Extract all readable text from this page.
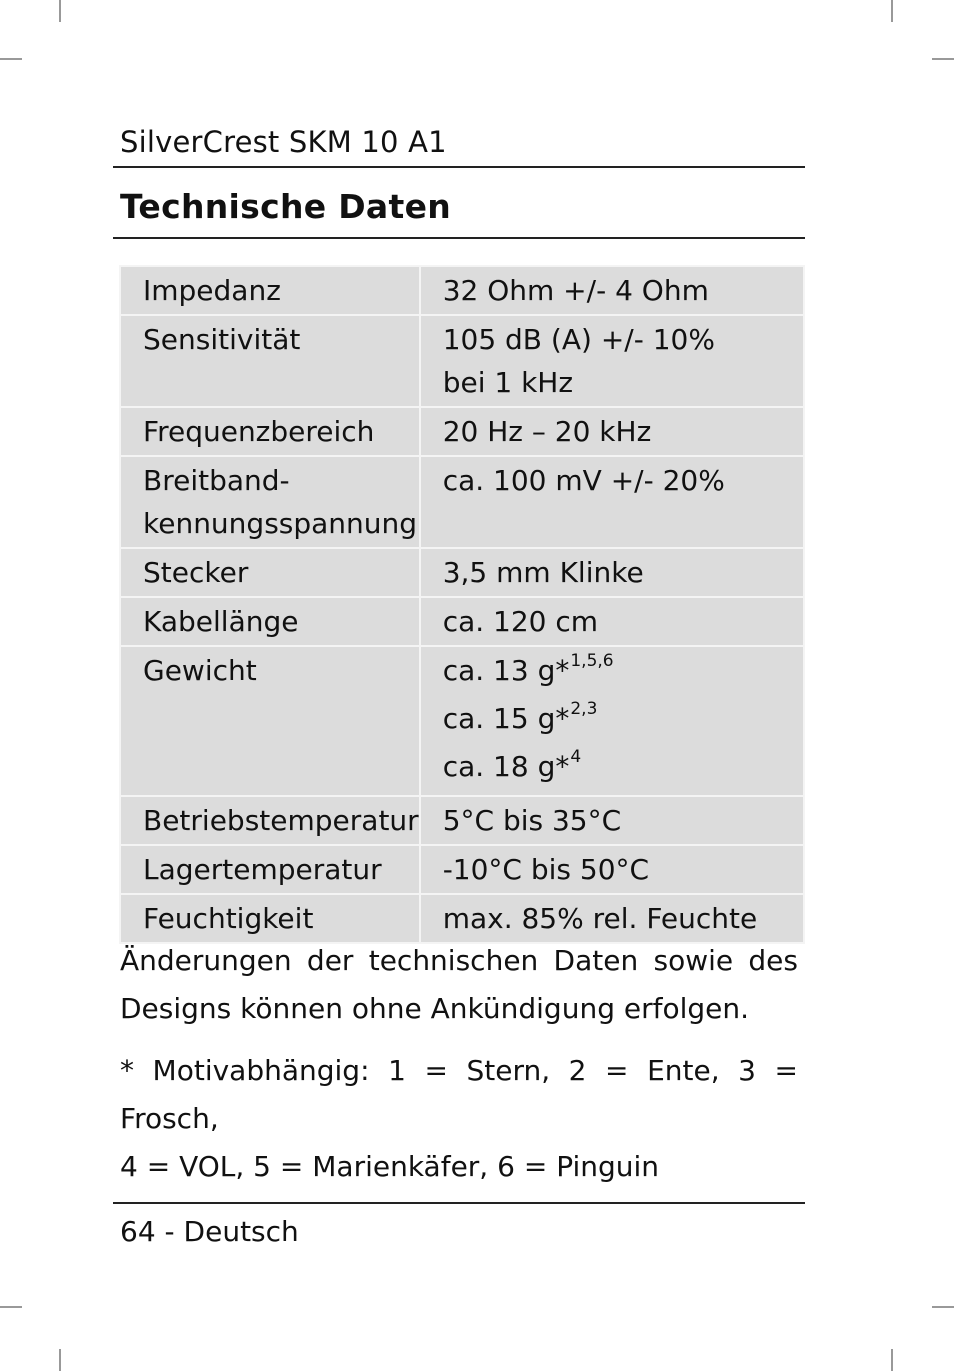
SilverCrest SKM 10 A1
Technische Daten
Impedanz	32 Ohm +/- 4 Ohm

Sensitivität	105 dB (A) +/- 10%
bei 1 kHz

Frequenzbereich	20 Hz – 20 kHz

Breitband-
kennungsspannung	ca. 100 mV +/- 20%

Stecker	3,5 mm Klinke

Kabellänge	ca. 120 cm

Gewicht	ca. 13 g*$^{1,5,6}$
ca. 15 g*$^{2,3}$
ca. 18 g*$^4$

Betriebstemperatur	5°C bis 35°C

Lagertemperatur	-10°C bis 50°C

Feuchtigkeit	max. 85% rel. Feuchte
Änderungen der technischen Daten sowie des
Designs können ohne Ankündigung erfolgen.
* Motivabhängig: 1 = Stern, 2 = Ente, 3 = Frosch,
4 = VOL, 5 = Marienkäfer, 6 = Pinguin
64 - Deutsch
